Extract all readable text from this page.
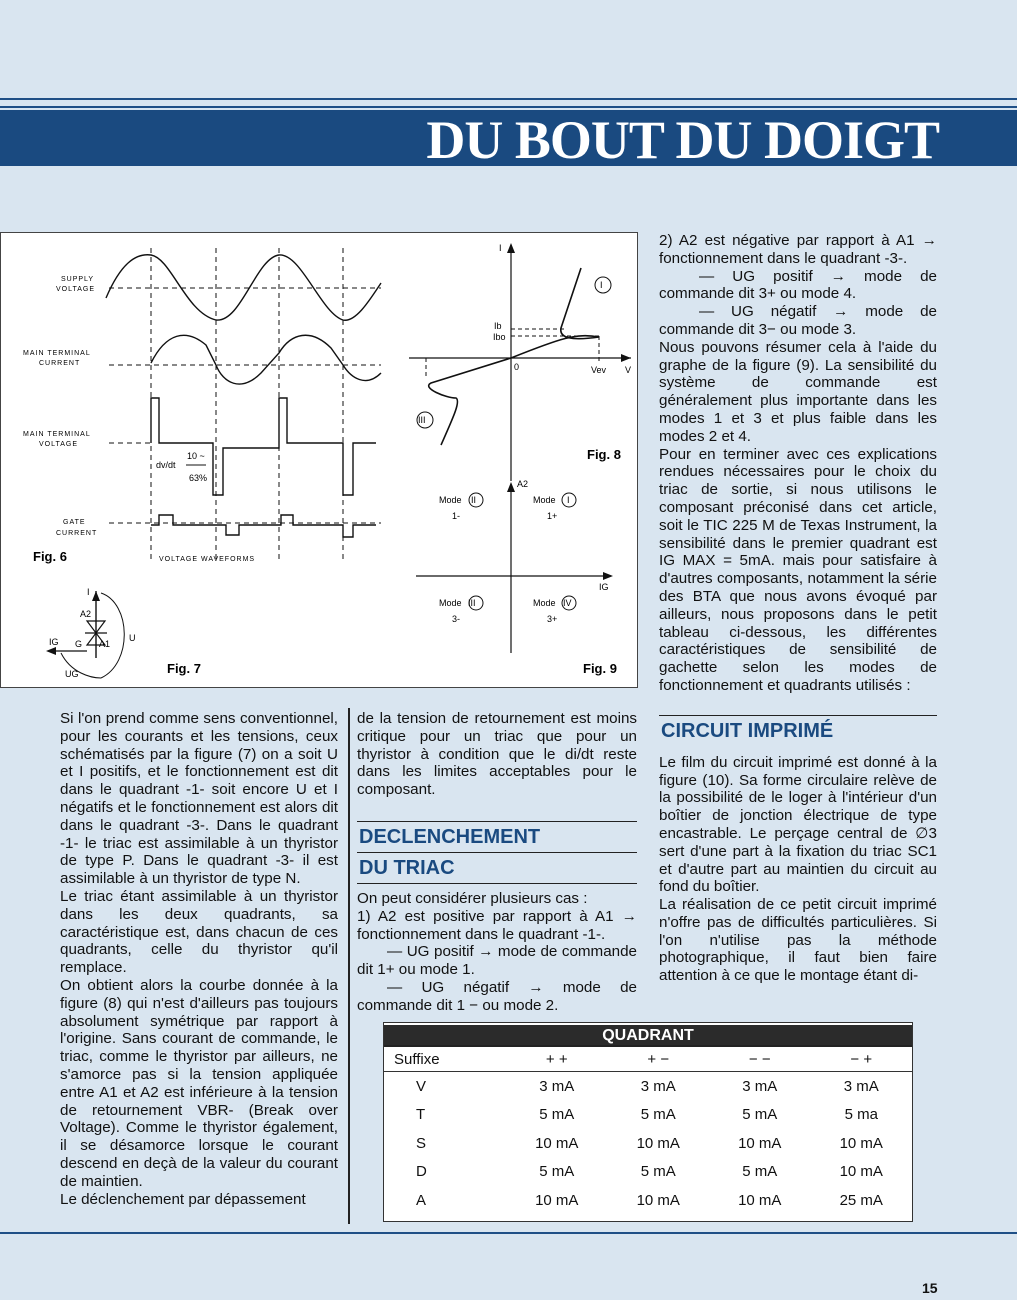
DU BOUT DU DOIGT
SUPPLY
VOLTAGE
MAIN TERMINAL
CURRENT
MAIN TERMINAL
VOLTAGE
GATE
CURRENT
10 ~
dv/dt
63%
VOLTAGE WAVEFORMS
Fig. 6
I
A2
G A1
IG
UG
U
Fig. 7
I
Ib
Ibo
0	Vev V
I
III
Fig. 8
A2
IG
Mode II
1-
Mode I
1+
Mode III
3-
Mode IV
3+
Fig. 9

Si l'on prend comme sens conventionnel, pour les courants et les tensions, ceux schématisés par la figure (7) on a soit U et I positifs, et le fonctionnement est dit dans le quadrant -1- soit encore U et I négatifs et le fonctionnement est alors dit dans le quadrant -3-. Dans le quadrant -1- le triac est assimilable à un thyristor de type P. Dans le quadrant -3- il est assimilable à un thyristor de type N.

Le triac étant assimilable à un thyristor dans les deux quadrants, sa caractéristique est, dans chacun de ces quadrants, celle du thyristor qu'il remplace.

On obtient alors la courbe donnée à la figure (8) qui n'est d'ailleurs pas toujours absolument symétrique par rapport à l'origine. Sans courant de commande, le triac, comme le thyristor par ailleurs, ne s'amorce pas si la tension appliquée entre A1 et A2 est inférieure à la tension de retournement VBR- (Break over Voltage). Comme le thyristor également, il se désamorce lorsque le courant descend en deçà de la valeur du courant de maintien.

Le déclenchement par dépassement

de la tension de retournement est moins critique pour un triac que pour un thyristor à condition que le di/dt reste dans les limites acceptables pour le composant.

DECLENCHEMENT
DU TRIAC

On peut considérer plusieurs cas :

1) A2 est positive par rapport à A1 → fonctionnement dans le quadrant -1-.

— UG positif → mode de commande dit 1+ ou mode 1.

— UG négatif → mode de commande dit 1 − ou mode 2.

2) A2 est négative par rapport à A1 → fonctionnement dans le quadrant -3-.

— UG positif → mode de commande dit 3+ ou mode 4.

— UG négatif → mode de commande dit 3− ou mode 3.

Nous pouvons résumer cela à l'aide du graphe de la figure (9). La sensibilité du système de commande est généralement plus importante dans les modes 1 et 3 et plus faible dans les modes 2 et 4.

Pour en terminer avec ces explications rendues nécessaires pour le choix du triac de sortie, si nous utilisons le composant préconisé dans cet article, soit le TIC 225 M de Texas Instrument, la sensibilité dans le premier quadrant est IG MAX = 5mA. mais pour satisfaire à d'autres composants, notamment la série des BTA que nous avons évoqué par ailleurs, nous proposons dans le petit tableau ci-dessous, les différentes caractéristiques de sensibilité de gachette selon les modes de fonctionnement et quadrants utilisés :

CIRCUIT IMPRIMÉ

Le film du circuit imprimé est donné à la figure (10). Sa forme circulaire relève de la possibilité de le loger à l'intérieur d'un boîtier de jonction électrique de type encastrable. Le perçage central de ∅3 sert d'une part à la fixation du triac SC1 et d'autre part au maintien du circuit au fond du boîtier.

La réalisation de ce petit circuit imprimé n'offre pas de difficultés particulières. Si l'on n'utilise pas la méthode photographique, il faut bien faire attention à ce que le montage étant di-

QUADRANT
Suffixe	+ +	+ −	− −	− +
V	3 mA	3 mA	3 mA	3 mA
T	5 mA	5 mA	5 mA	5 ma
S	10 mA	10 mA	10 mA	10 mA
D	5 mA	5 mA	5 mA	10 mA
A	10 mA	10 mA	10 mA	25 mA
15
